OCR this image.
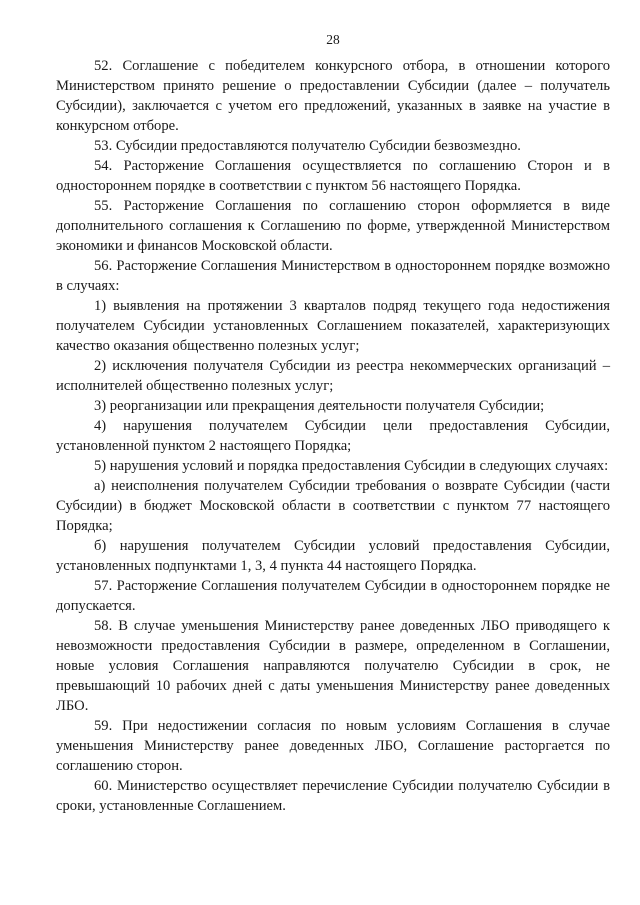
28

52. Соглашение с победителем конкурсного отбора, в отношении которого Министерством принято решение о предоставлении Субсидии (далее – получатель Субсидии), заключается с учетом его предложений, указанных в заявке на участие в конкурсном отборе.

53. Субсидии предоставляются получателю Субсидии безвозмездно.

54. Расторжение Соглашения осуществляется по соглашению Сторон и в одностороннем порядке в соответствии с пунктом 56 настоящего Порядка.

55. Расторжение Соглашения по соглашению сторон оформляется в виде дополнительного соглашения к Соглашению по форме, утвержденной Министерством экономики и финансов Московской области.

56. Расторжение Соглашения Министерством в одностороннем порядке возможно в случаях:

1) выявления на протяжении 3 кварталов подряд текущего года недостижения получателем Субсидии установленных Соглашением показателей, характеризующих качество оказания общественно полезных услуг;

2) исключения получателя Субсидии из реестра некоммерческих организаций – исполнителей общественно полезных услуг;

3) реорганизации или прекращения деятельности получателя Субсидии;

4) нарушения получателем Субсидии цели предоставления Субсидии, установленной пунктом 2 настоящего Порядка;

5) нарушения условий и порядка предоставления Субсидии в следующих случаях:

а) неисполнения получателем Субсидии требования о возврате Субсидии (части Субсидии) в бюджет Московской области в соответствии с пунктом 77 настоящего Порядка;

б) нарушения получателем Субсидии условий предоставления Субсидии, установленных подпунктами 1, 3, 4 пункта 44 настоящего Порядка.

57. Расторжение Соглашения получателем Субсидии в одностороннем порядке не допускается.

58. В случае уменьшения Министерству ранее доведенных ЛБО приводящего к невозможности предоставления Субсидии в размере, определенном в Соглашении, новые условия Соглашения направляются получателю Субсидии в срок, не превышающий 10 рабочих дней с даты уменьшения Министерству ранее доведенных ЛБО.

59. При недостижении согласия по новым условиям Соглашения в случае уменьшения Министерству ранее доведенных ЛБО, Соглашение расторгается по соглашению сторон.

60. Министерство осуществляет перечисление Субсидии получателю Субсидии в сроки, установленные Соглашением.
